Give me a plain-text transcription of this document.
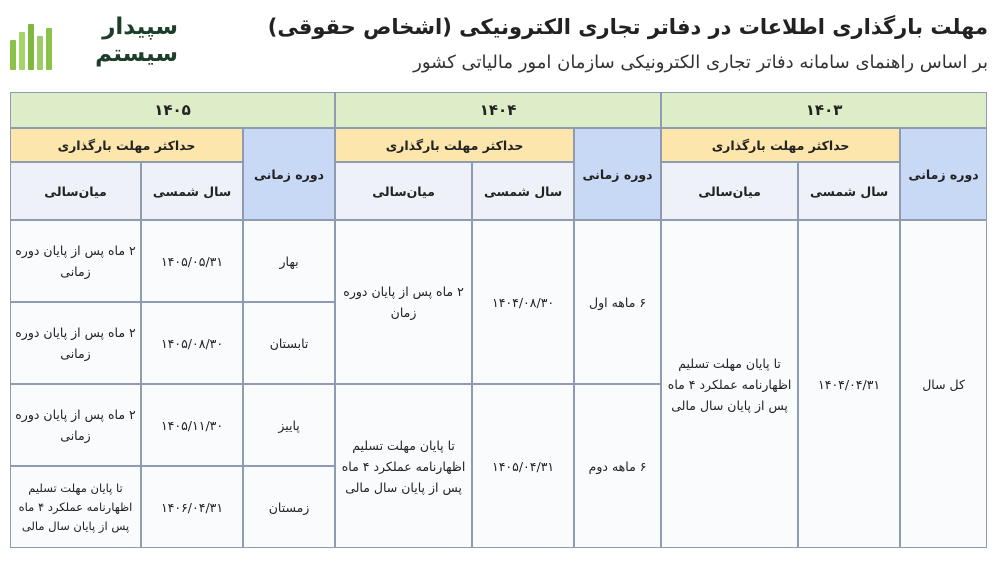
سپیدار
سیستم
مهلت بارگذاری اطلاعات در دفاتر تجاری الکترونیکی (اشخاص حقوقی)
بر اساس راهنمای سامانه دفاتر تجاری الکترونیکی سازمان امور مالیاتی کشور
۱۴۰۳			۱۴۰۴			۱۴۰۵		
دوره زمانی	حداکثر مهلت بارگذاری		دوره زمانی	حداکثر مهلت بارگذاری		دوره زمانی	حداکثر مهلت بارگذاری	
	سال شمسی	میان‌سالی		سال شمسی	میان‌سالی		سال شمسی	میان‌سالی
کل سال	۱۴۰۴/۰۴/۳۱	تا پایان مهلت تسلیم اظهارنامه عملکرد ۴ ماه پس از پایان سال مالی	۶ ماهه اول	۱۴۰۴/۰۸/۳۰	۲ ماه پس از پایان دوره زمان	بهار	۱۴۰۵/۰۵/۳۱	۲ ماه پس از پایان دوره زمانی
						تابستان	۱۴۰۵/۰۸/۳۰	۲ ماه پس از پایان دوره زمانی
			۶ ماهه دوم	۱۴۰۵/۰۴/۳۱	تا پایان مهلت تسلیم اظهارنامه عملکرد ۴ ماه پس از پایان سال مالی	پاییز	۱۴۰۵/۱۱/۳۰	۲ ماه پس از پایان دوره زمانی
						زمستان	۱۴۰۶/۰۴/۳۱	تا پایان مهلت تسلیم اظهارنامه عملکرد ۴ ماه پس از پایان سال مالی
